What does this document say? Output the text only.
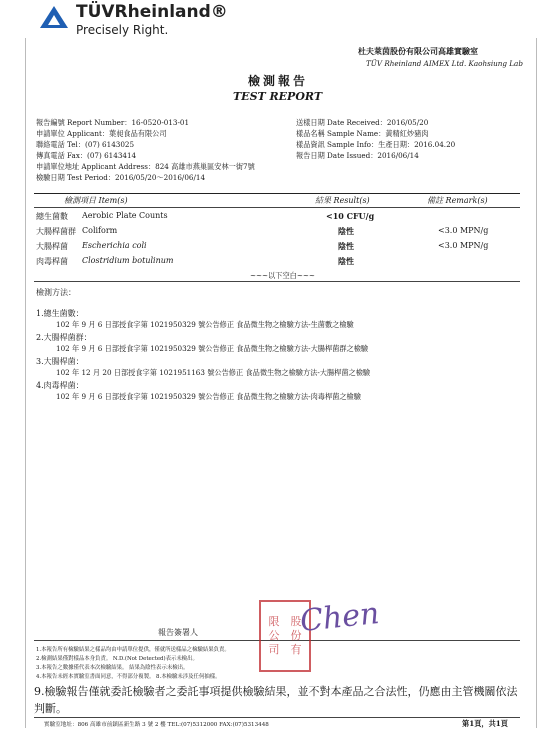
TÜVRheinland®
Precisely Right.
杜夫萊茵股份有限公司高雄實驗室
TÜV Rheinland AIMEX Ltd. Kaohsiung Lab
檢測報告
TEST REPORT
報告編號 Report Number：16-0520-013-01
申請單位 Applicant：葉昶食品有限公司
聯絡電話 Tel：(07) 6143025
傳真電話 Fax：(07) 6143414
申請單位地址 Applicant Address：824 高雄市燕巢區安林一街7號
檢驗日期 Test Period：2016/05/20～2016/06/14
送樣日期 Date Received：2016/05/20
樣品名稱 Sample Name：黃精紅炒豬肉
樣品資訊 Sample Info：生產日期：2016.04.20
報告日期 Date Issued：2016/06/14
檢測項目 Item(s)	結果 Result(s)	備註 Remark(s)
總生菌數 Aerobic Plate Counts	<10 CFU/g
大腸桿菌群 Coliform	陰性	<3.0 MPN/g
大腸桿菌 Escherichia coli	陰性	<3.0 MPN/g
肉毒桿菌 Clostridium botulinum	陰性
~~~以下空白~~~
檢測方法：
1.總生菌數：
102 年 9 月 6 日部授食字第 1021950329 號公告修正 食品微生物之檢驗方法-生菌數之檢驗
2.大腸桿菌群：
102 年 9 月 6 日部授食字第 1021950329 號公告修正 食品微生物之檢驗方法-大腸桿菌群之檢驗
3.大腸桿菌：
102 年 12 月 20 日部授食字第 1021951163 號公告修正 食品微生物之檢驗方法-大腸桿菌之檢驗
4.肉毒桿菌：
102 年 9 月 6 日部授食字第 1021950329 號公告修正 食品微生物之檢驗方法-肉毒桿菌之檢驗
報告簽署人
限	股
公	份
司	有
Chen
1.本報告所有檢驗結果之樣品均由申請單位提供，僅就所送樣品之檢驗結果負責。
2.檢測結果僅對樣品本身負責。 N.D.(Not Detected)表示未檢出。
3.本報告之數據僅代表本次檢驗結果。 結果為陰性表示未檢出。
4.本報告未經本實驗室書面同意，不得部分複製。 8.本檢驗未涉及任何抽樣。
9.檢驗報告僅就委託檢驗者之委託事項提供檢驗結果，並不對本產品之合法性，仍應由主管機關依法判斷。
實驗室地址：806 高雄市前鎮區新生路 3 號 2 樓 TEL:(07)5312000 FAX:(07)5313448	第1頁，共1頁
